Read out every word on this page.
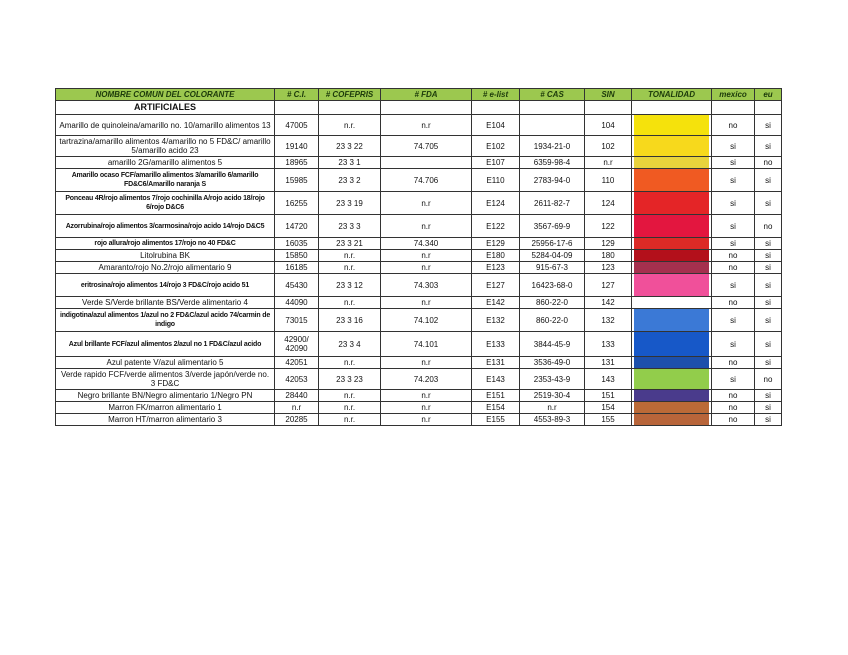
NOMBRE COMUN DEL COLORANTE	# C.I.	# COFEPRIS	# FDA	# e-list	# CAS	SIN	TONALIDAD	mexico	eu
ARTIFICIALES									
Amarillo de quinoleina/amarillo no. 10/amarillo alimentos 13	47005	n.r.	n.r	E104		104		no	si
tartrazina/amarillo alimentos 4/amarillo no 5 FD&C/ amarillo 5/amarillo acido 23	19140	23 3 22	74.705	E102	1934-21-0	102		si	si
amarillo 2G/amarillo alimentos 5	18965	23 3 1		E107	6359-98-4	n.r		si	no
Amarillo ocaso FCF/amarillo alimentos 3/amarillo 6/amarillo FD&C6/Amarillo naranja S	15985	23 3 2	74.706	E110	2783-94-0	110		si	si
Ponceau 4R/rojo alimentos 7/rojo cochinilla A/rojo acido 18/rojo 6/rojo D&C6	16255	23 3 19	n.r	E124	2611-82-7	124		si	si
Azorrubina/rojo alimentos 3/carmosina/rojo acido 14/rojo D&C5	14720	23 3 3	n.r	E122	3567-69-9	122		si	no
rojo allura/rojo alimentos 17/rojo no 40 FD&C	16035	23 3 21	74.340	E129	25956-17-6	129		si	si
Litolrubina BK	15850	n.r.	n.r	E180	5284-04-09	180		no	si
Amaranto/rojo No.2/rojo alimentario 9	16185	n.r.	n.r	E123	915-67-3	123		no	si
eritrosina/rojo alimentos 14/rojo 3 FD&C/rojo acido 51	45430	23 3 12	74.303	E127	16423-68-0	127		si	si
Verde S/Verde brillante BS/Verde alimentario 4	44090	n.r.	n.r	E142	860-22-0	142		no	si
indigotina/azul alimentos 1/azul no 2 FD&C/azul acido 74/carmin de indigo	73015	23 3 16	74.102	E132	860-22-0	132		si	si
Azul brillante FCF/azul alimentos 2/azul no 1 FD&C/azul acido	42900/ 42090	23 3 4	74.101	E133	3844-45-9	133		si	si
Azul patente V/azul alimentario 5	42051	n.r.	n.r	E131	3536-49-0	131		no	si
Verde rapido FCF/verde alimentos 3/verde japón/verde no. 3 FD&C	42053	23 3 23	74.203	E143	2353-43-9	143		si	no
Negro brillante BN/Negro alimentario 1/Negro PN	28440	n.r.	n.r	E151	2519-30-4	151		no	si
Marron FK/marron alimentario 1	n.r	n.r.	n.r	E154	n.r	154		no	si
Marron HT/marron alimentario 3	20285	n.r.	n.r	E155	4553-89-3	155		no	si
